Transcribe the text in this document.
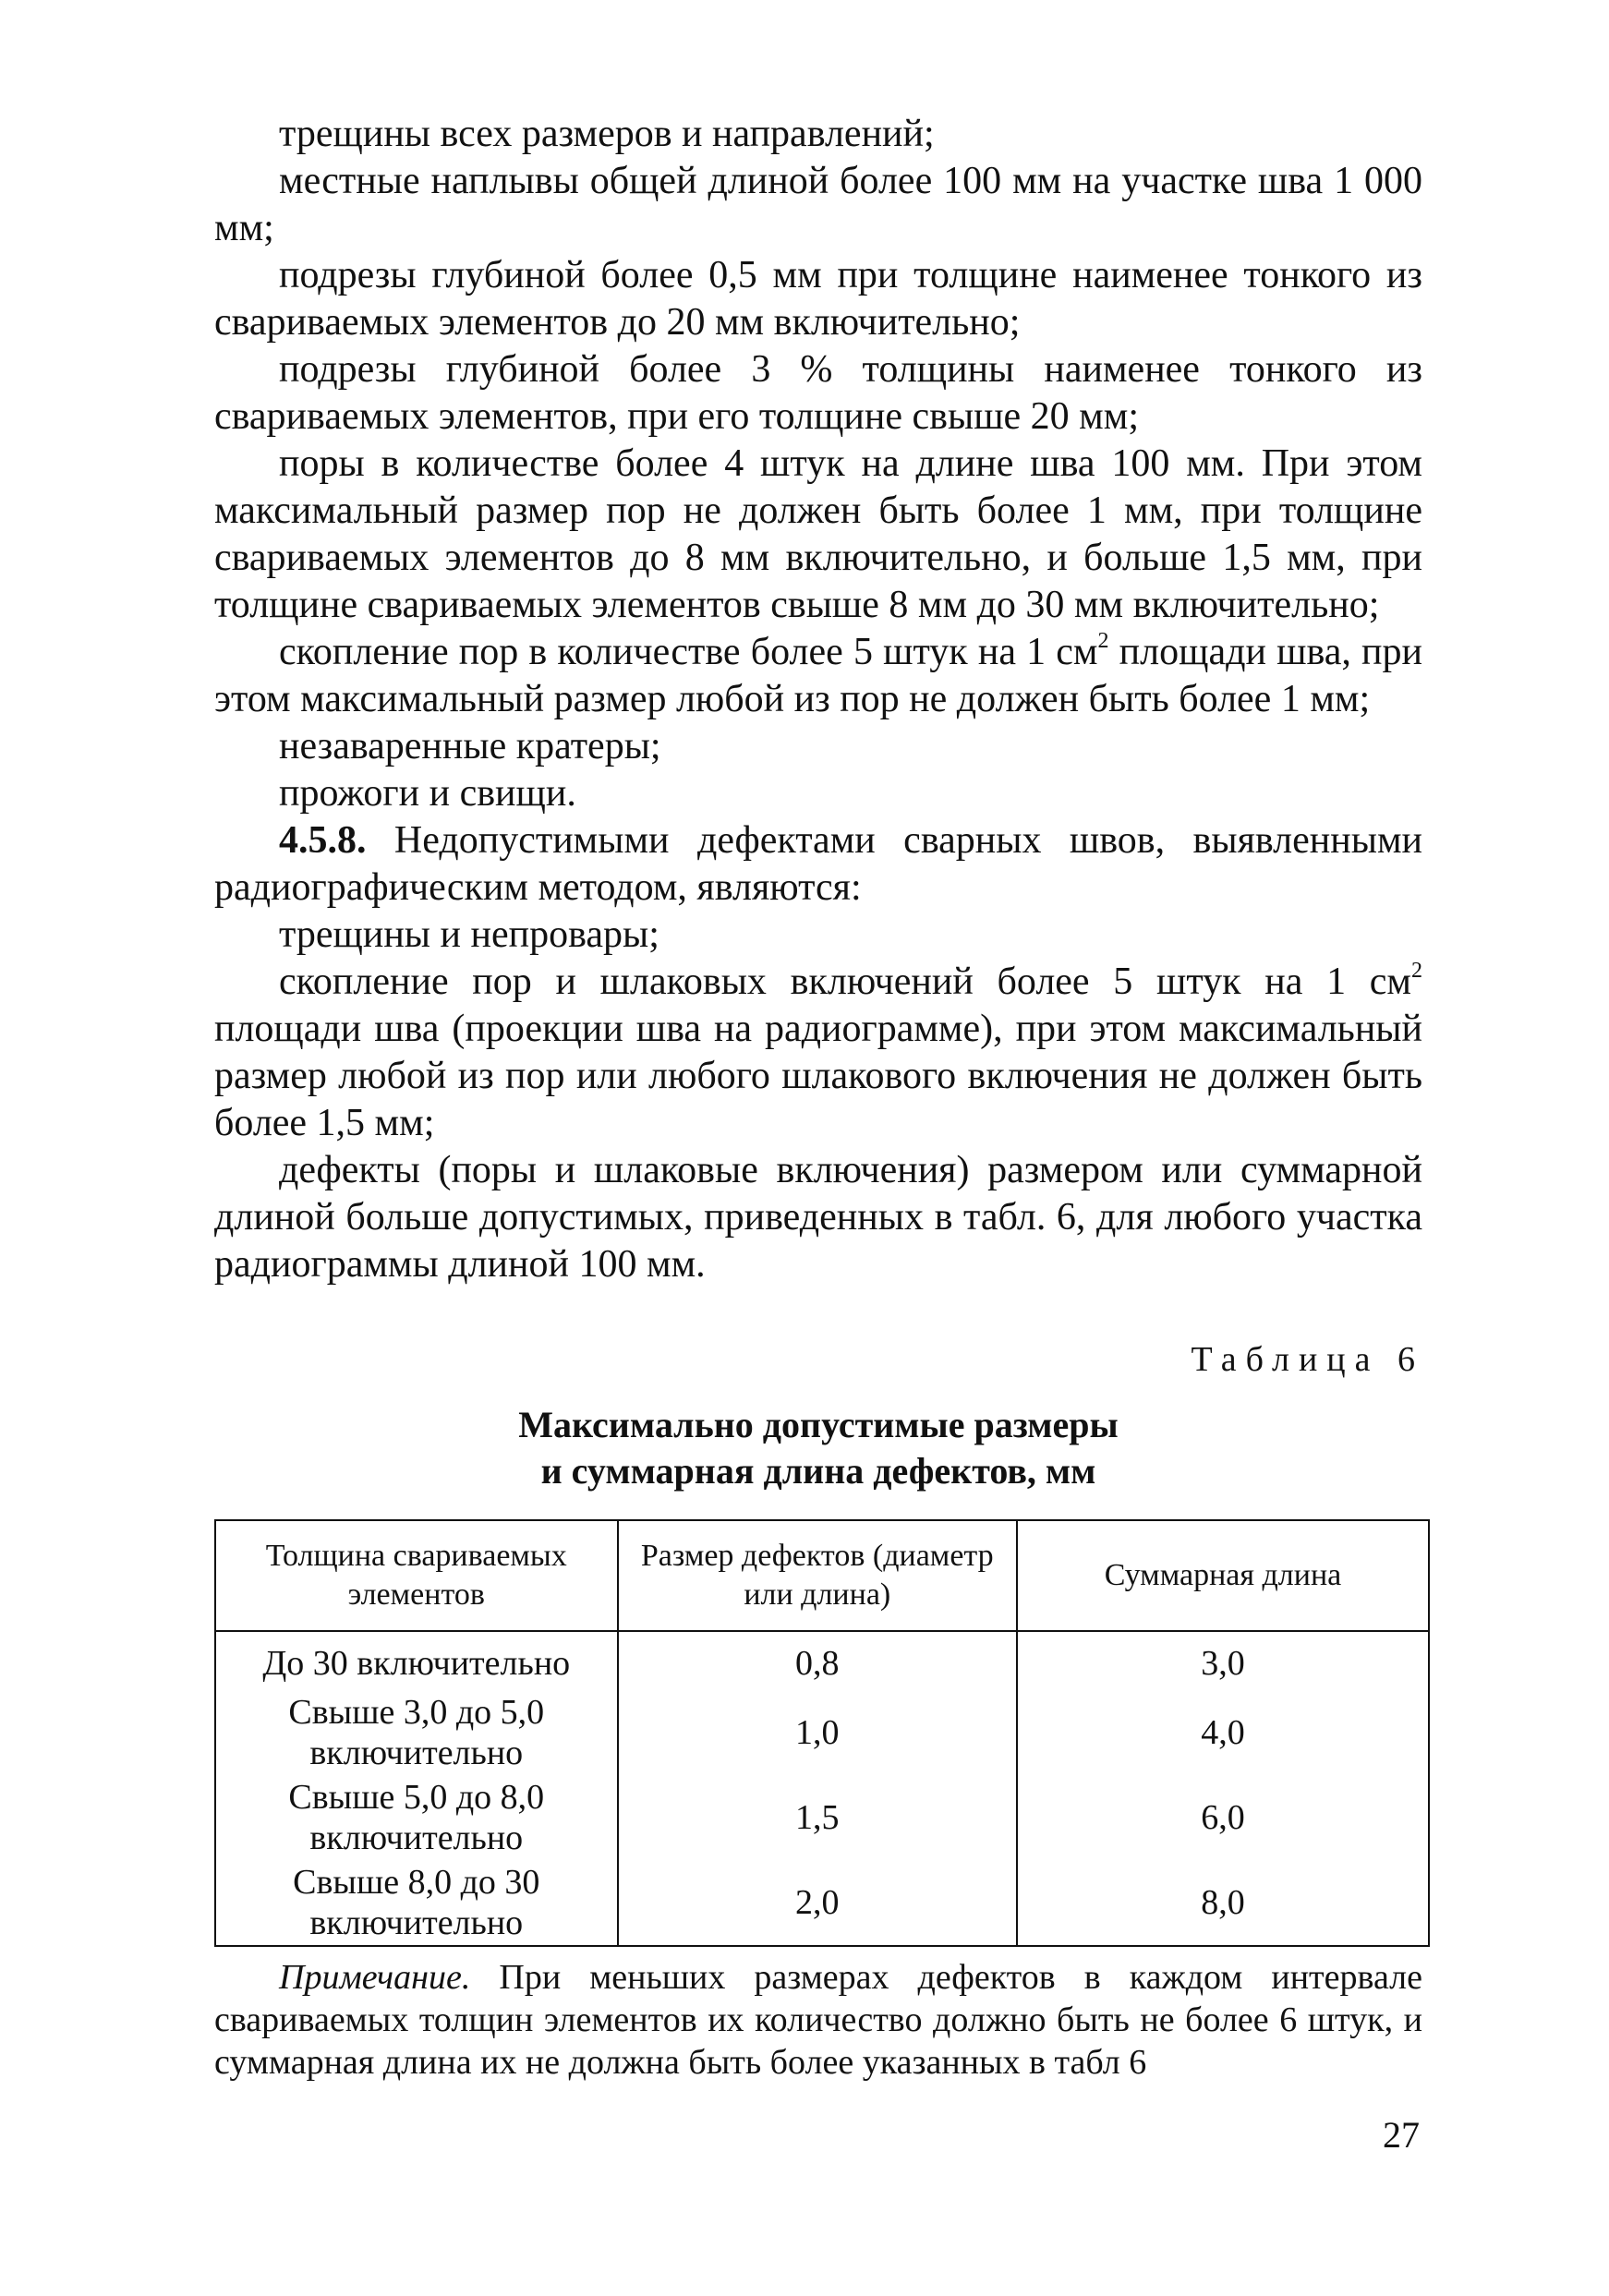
трещины всех размеров и направлений;

местные наплывы общей длиной более 100 мм на участке шва 1 000 мм;

подрезы глубиной более 0,5 мм при толщине наименее тонкого из свариваемых элементов до 20 мм включительно;

подрезы глубиной более 3 % толщины наименее тонкого из свариваемых элементов, при его толщине свыше 20 мм;

поры в количестве более 4 штук на длине шва 100 мм. При этом максимальный размер пор не должен быть более 1 мм, при толщине свариваемых элементов до 8 мм включительно, и больше 1,5 мм, при толщине свариваемых элементов свыше 8 мм до 30 мм включительно;

скопление пор в количестве более 5 штук на 1 $см^2$ площади шва, при этом максимальный размер любой из пор не должен быть более 1 мм;

незаваренные кратеры;

прожоги и свищи.

4.5.8. Недопустимыми дефектами сварных швов, выявленными радиографическим методом, являются:

трещины и непровары;

скопление пор и шлаковых включений более 5 штук на 1 $см^2$ площади шва (проекции шва на радиограмме), при этом максимальный размер любой из пор или любого шлакового включения не должен быть более 1,5 мм;

дефекты (поры и шлаковые включения) размером или суммарной длиной больше допустимых, приведенных в табл. 6, для любого участка радиограммы длиной 100 мм.

Таблица 6
Максимально допустимые размеры
и суммарная длина дефектов, мм
Толщина свариваемых элементов	Размер дефектов (диаметр или длина)	Суммарная длина
До 30 включительно	0,8	3,0
Свыше 3,0 до 5,0 включительно	1,0	4,0
Свыше 5,0 до 8,0 включительно	1,5	6,0
Свыше 8,0 до 30 включительно	2,0	8,0

Примечание. При меньших размерах дефектов в каждом интервале свариваемых толщин элементов их количество должно быть не более 6 штук, и суммарная длина их не должна быть более указанных в табл 6

27
